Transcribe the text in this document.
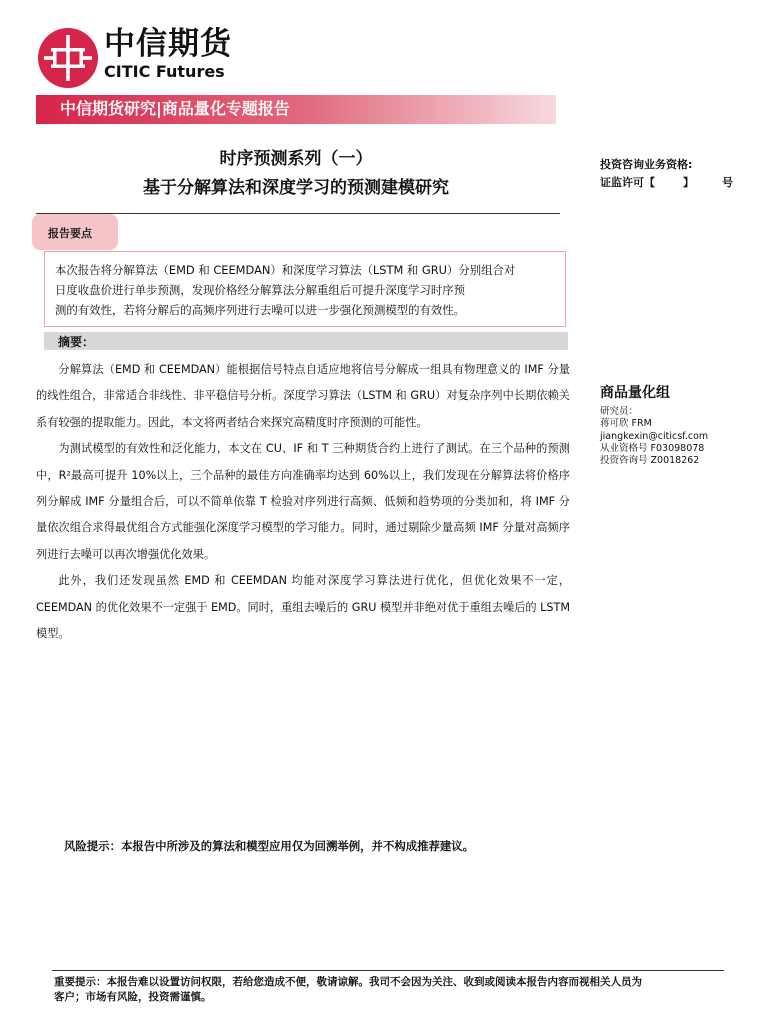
中信期货
CITIC Futures
中信期货研究|商品量化专题报告
时序预测系列（一）
基于分解算法和深度学习的预测建模研究
投资咨询业务资格:
证监许可【	】	号
报告要点
本次报告将分解算法（EMD 和 CEEMDAN）和深度学习算法（LSTM 和 GRU）分别组合对
日度收盘价进行单步预测，发现价格经分解算法分解重组后可提升深度学习时序预
测的有效性，若将分解后的高频序列进行去噪可以进一步强化预测模型的有效性。
摘要：

分解算法（EMD 和 CEEMDAN）能根据信号特点自适应地将信号分解成一组具有物理意义的 IMF 分量的线性组合，非常适合非线性、非平稳信号分析。深度学习算法（LSTM 和 GRU）对复杂序列中长期依赖关系有较强的提取能力。因此，本文将两者结合来探究高精度时序预测的可能性。

为测试模型的有效性和泛化能力，本文在 CU、IF 和 T 三种期货合约上进行了测试。在三个品种的预测中，R²最高可提升 10%以上，三个品种的最佳方向准确率均达到 60%以上，我们发现在分解算法将价格序列分解成 IMF 分量组合后，可以不简单依靠 T 检验对序列进行高频、低频和趋势项的分类加和，将 IMF 分量依次组合求得最优组合方式能强化深度学习模型的学习能力。同时，通过剔除少量高频 IMF 分量对高频序列进行去噪可以再次增强优化效果。

此外，我们还发现虽然 EMD 和 CEEMDAN 均能对深度学习算法进行优化，但优化效果不一定，CEEMDAN 的优化效果不一定强于 EMD。同时，重组去噪后的 GRU 模型并非绝对优于重组去噪后的 LSTM 模型。

商品量化组
研究员：
蒋可欣 FRM
jiangkexin@citicsf.com
从业资格号 F03098078
投资咨询号 Z0018262
风险提示：本报告中所涉及的算法和模型应用仅为回溯举例，并不构成推荐建议。
重要提示：本报告难以设置访问权限，若给您造成不便，敬请谅解。我司不会因为关注、收到或阅读本报告内容而视相关人员为
客户；市场有风险，投资需谨慎。
